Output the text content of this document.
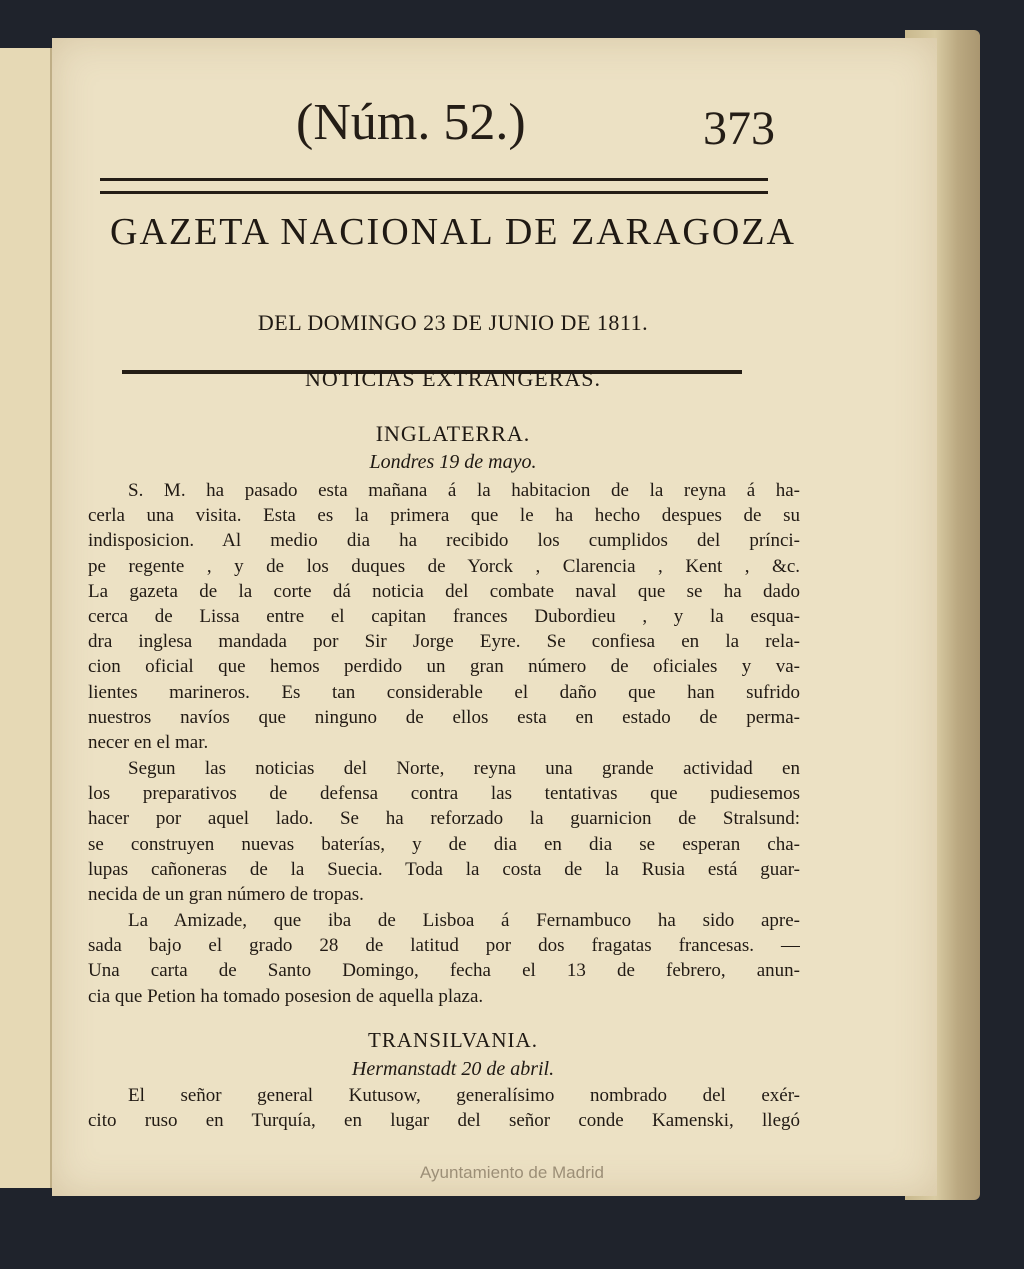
(Núm. 52.)	373
GAZETA NACIONAL DE ZARAGOZA
DEL DOMINGO 23 DE JUNIO DE 1811.
NOTICIAS EXTRANGERAS.
INGLATERRA.
Londres 19 de mayo.
S. M. ha pasado esta mañana á la habitacion de la reyna á ha-
cerla una visita. Esta es la primera que le ha hecho despues de su
indisposicion. Al medio dia ha recibido los cumplidos del prínci-
pe regente , y de los duques de Yorck , Clarencia , Kent , &c.
La gazeta de la corte dá noticia del combate naval que se ha dado
cerca de Lissa entre el capitan frances Dubordieu , y la esqua-
dra inglesa mandada por Sir Jorge Eyre. Se confiesa en la rela-
cion oficial que hemos perdido un gran número de oficiales y va-
lientes marineros. Es tan considerable el daño que han sufrido
nuestros navíos que ninguno de ellos esta en estado de perma-
necer en el mar.
Segun las noticias del Norte, reyna una grande actividad en
los preparativos de defensa contra las tentativas que pudiesemos
hacer por aquel lado. Se ha reforzado la guarnicion de Stralsund:
se construyen nuevas baterías, y de dia en dia se esperan cha-
lupas cañoneras de la Suecia. Toda la costa de la Rusia está guar-
necida de un gran número de tropas.
La Amizade, que iba de Lisboa á Fernambuco ha sido apre-
sada bajo el grado 28 de latitud por dos fragatas francesas. —
Una carta de Santo Domingo, fecha el 13 de febrero, anun-
cia que Petion ha tomado posesion de aquella plaza.
TRANSILVANIA.
Hermanstadt 20 de abril.
El señor general Kutusow, generalísimo nombrado del exér-
cito ruso en Turquía, en lugar del señor conde Kamenski, llegó
Ayuntamiento de Madrid
